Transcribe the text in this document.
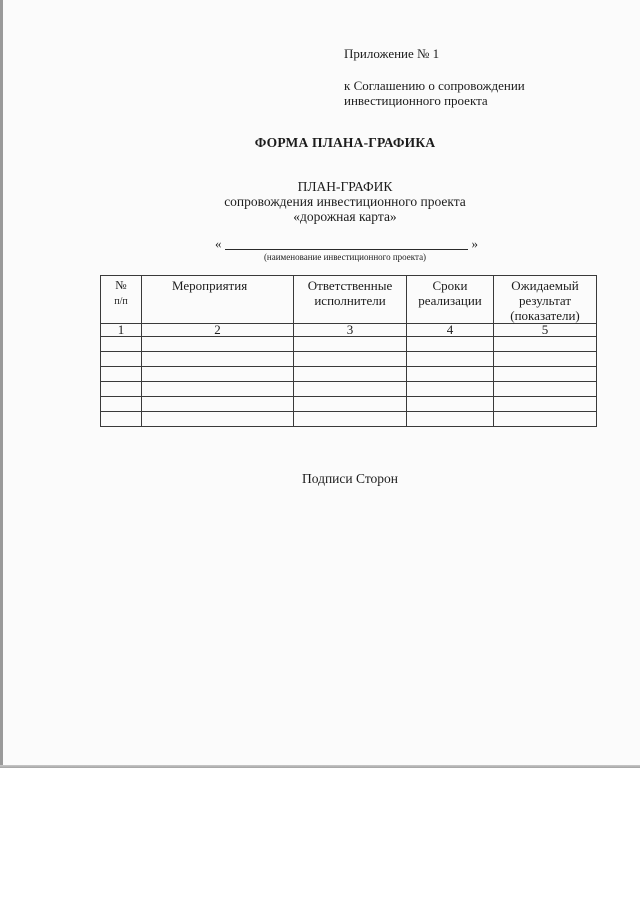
Приложение № 1
к Соглашению о сопровождении
инвестиционного проекта
ФОРМА ПЛАНА-ГРАФИКА
ПЛАН-ГРАФИК
сопровождения инвестиционного проекта
«дорожная карта»
«	»
(наименование инвестиционного проекта)
№
п/п	Мероприятия	Ответственные исполнители	Сроки реализации	Ожидаемый результат (показатели)
1	2	3	4	5

Подписи Сторон
